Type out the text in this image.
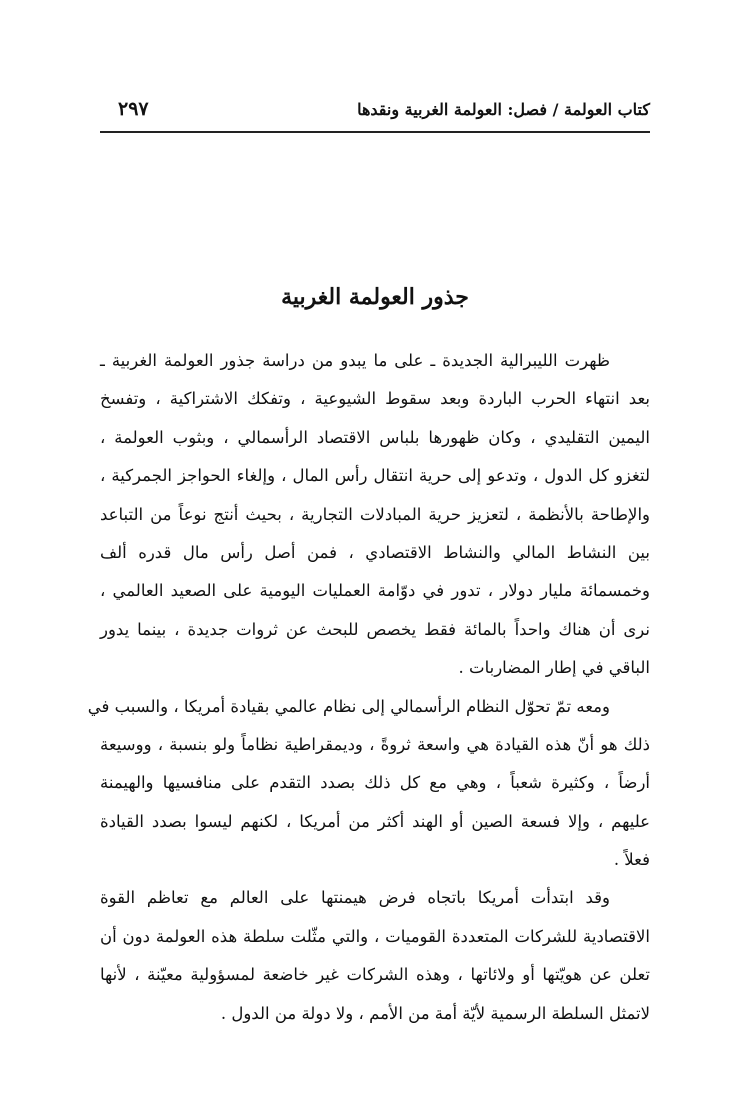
كتاب العولمة / فصل: العولمة الغربية ونقدها
٢٩٧
جذور العولمة الغربية
ظهرت الليبرالية الجديدة ـ على ما يبدو من دراسة جذور العولمة الغربية ـ
بعد انتهاء الحرب الباردة وبعد سقوط الشيوعية ، وتفكك الاشتراكية ، وتفسخ
اليمين التقليدي ، وكان ظهورها بلباس الاقتصاد الرأسمالي ، وبثوب العولمة ،
لتغزو كل الدول ، وتدعو إلى حرية انتقال رأس المال ، وإلغاء الحواجز الجمركية ،
والإطاحة بالأنظمة ، لتعزيز حرية المبادلات التجارية ، بحيث أنتج نوعاً من التباعد
بين النشاط المالي والنشاط الاقتصادي ، فمن أصل رأس مال قدره ألف
وخمسمائة مليار دولار ، تدور في دوّامة العمليات اليومية على الصعيد العالمي ،
نرى أن هناك واحداً بالمائة فقط يخصص للبحث عن ثروات جديدة ، بينما يدور
الباقي في إطار المضاربات .
ومعه تمّ تحوّل النظام الرأسمالي إلى نظام عالمي بقيادة أمريكا ، والسبب في
ذلك هو أنّ هذه القيادة هي واسعة ثروةً ، وديمقراطية نظاماً ولو بنسبة ، ووسيعة
أرضاً ، وكثيرة شعباً ، وهي مع كل ذلك بصدد التقدم على منافسيها والهيمنة
عليهم ، وإلا فسعة الصين أو الهند أكثر من أمريكا ، لكنهم ليسوا بصدد القيادة
فعلاً .
وقد ابتدأت أمريكا باتجاه فرض هيمنتها على العالم مع تعاظم القوة
الاقتصادية للشركات المتعددة القوميات ، والتي مثّلت سلطة هذه العولمة دون أن
تعلن عن هويّتها أو ولائاتها ، وهذه الشركات غير خاضعة لمسؤولية معيّنة ، لأنها
لاتمثل السلطة الرسمية لأيّة أمة من الأمم ، ولا دولة من الدول .
